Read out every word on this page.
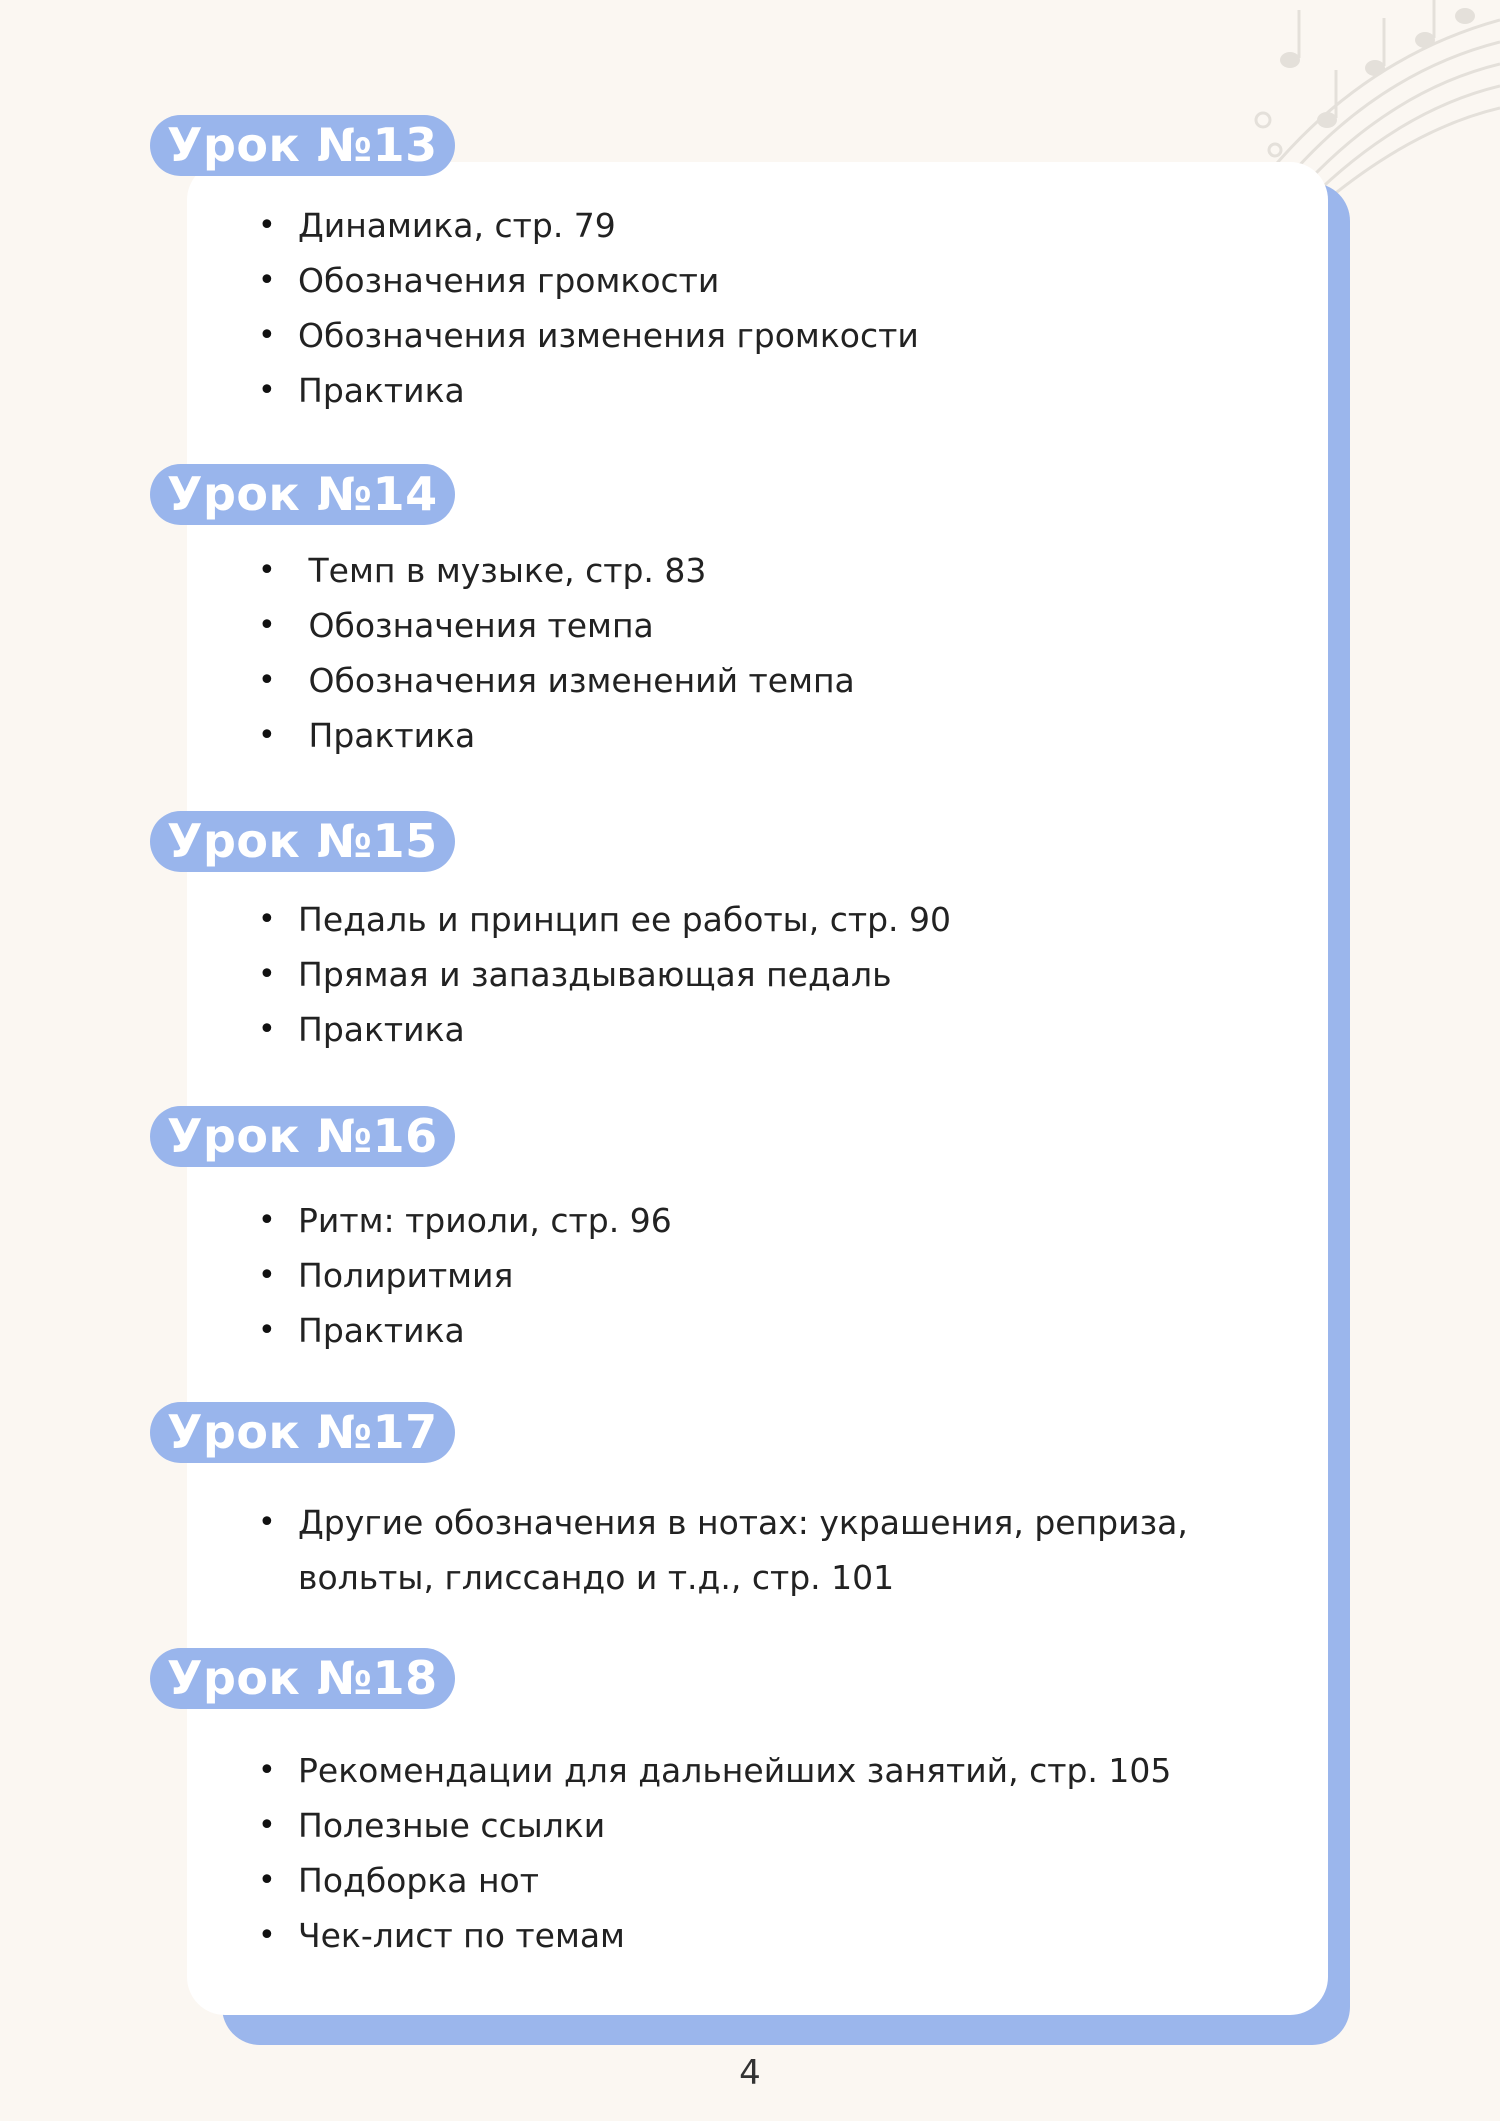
Урок №13
• Динамика, стр. 79
• Обозначения громкости
• Обозначения изменения громкости
• Практика
Урок №14
• Темп в музыке, стр. 83
• Обозначения темпа
• Обозначения изменений темпа
• Практика
Урок №15
• Педаль и принцип ее работы, стр. 90
• Прямая и запаздывающая педаль
• Практика
Урок №16
• Ритм: триоли, стр. 96
• Полиритмия
• Практика
Урок №17
• Другие обозначения в нотах: украшения, реприза, вольты, глиссандо и т.д., стр. 101
Урок №18
• Рекомендации для дальнейших занятий, стр. 105
• Полезные ссылки
• Подборка нот
• Чек-лист по темам
4
